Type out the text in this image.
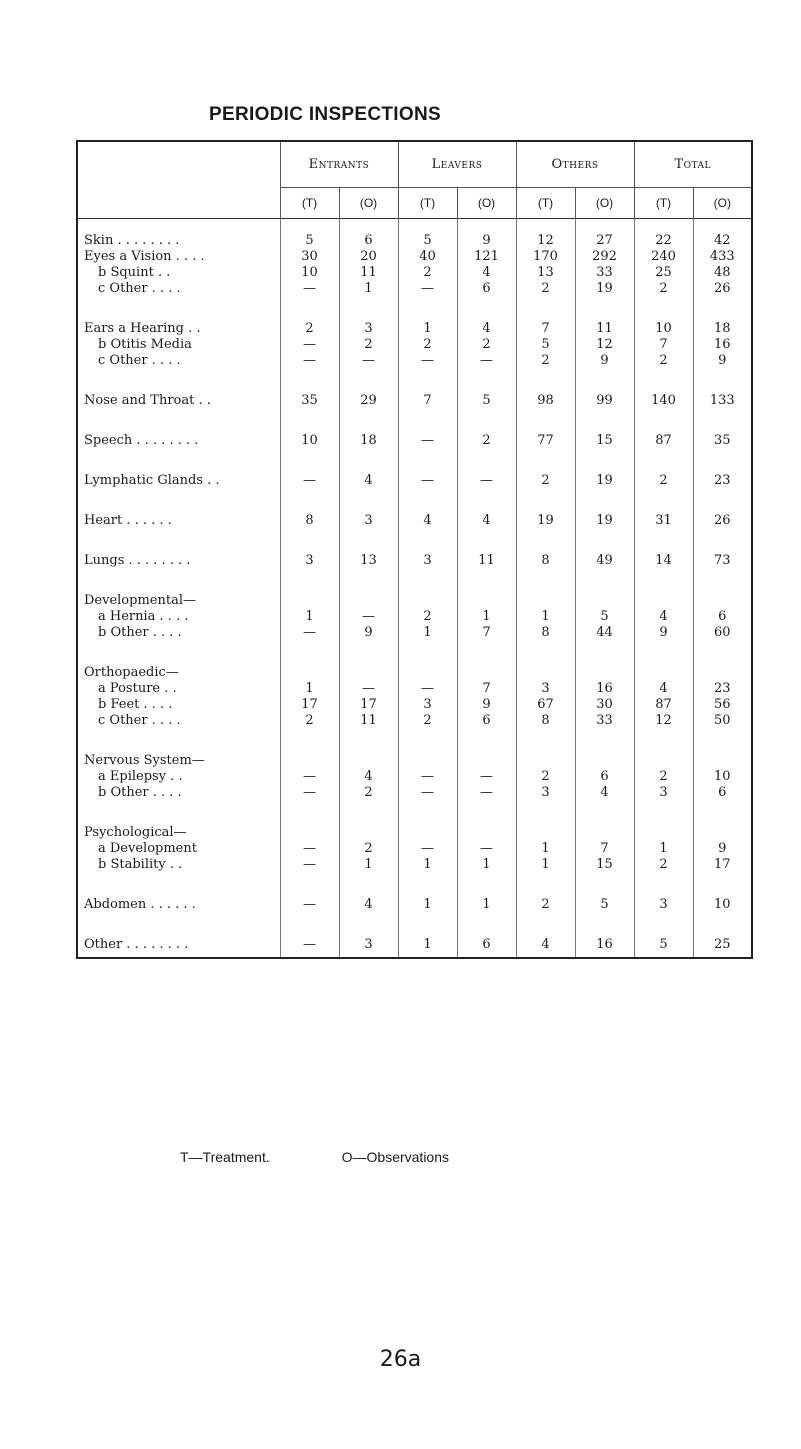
PERIODIC INSPECTIONS
	Entrants		Leavers		Others		Total	
	(T)	(O)	(T)	(O)	(T)	(O)	(T)	(O)
Skin . . . . . . . .	5	6	5	9	12	27	22	42
Eyes a Vision . . . .	30	20	40	121	170	292	240	433
b Squint . .	10	11	2	4	13	33	25	48
c Other . . . .	—	1	—	6	2	19	2	26

Ears a Hearing . .	2	3	1	4	7	11	10	18
b Otitis Media	—	2	2	2	5	12	7	16
c Other . . . .	—	—	—	—	2	9	2	9

Nose and Throat . .	35	29	7	5	98	99	140	133

Speech . . . . . . . .	10	18	—	2	77	15	87	35

Lymphatic Glands . .	—	4	—	—	2	19	2	23

Heart . . . . . .	8	3	4	4	19	19	31	26

Lungs . . . . . . . .	3	13	3	11	8	49	14	73

Developmental—								
a Hernia . . . .	1	—	2	1	1	5	4	6
b Other . . . .	—	9	1	7	8	44	9	60

Orthopaedic—								
a Posture . .	1	—	—	7	3	16	4	23
b Feet . . . .	17	17	3	9	67	30	87	56
c Other . . . .	2	11	2	6	8	33	12	50

Nervous System—								
a Epilepsy . .	—	4	—	—	2	6	2	10
b Other . . . .	—	2	—	—	3	4	3	6

Psychological—								
a Development	—	2	—	—	1	7	1	9
b Stability . .	—	1	1	1	1	15	2	17

Abdomen . . . . . .	—	4	1	1	2	5	3	10

Other . . . . . . . .	—	3	1	6	4	16	5	25
T—Treatment.	O—Observations
26a
